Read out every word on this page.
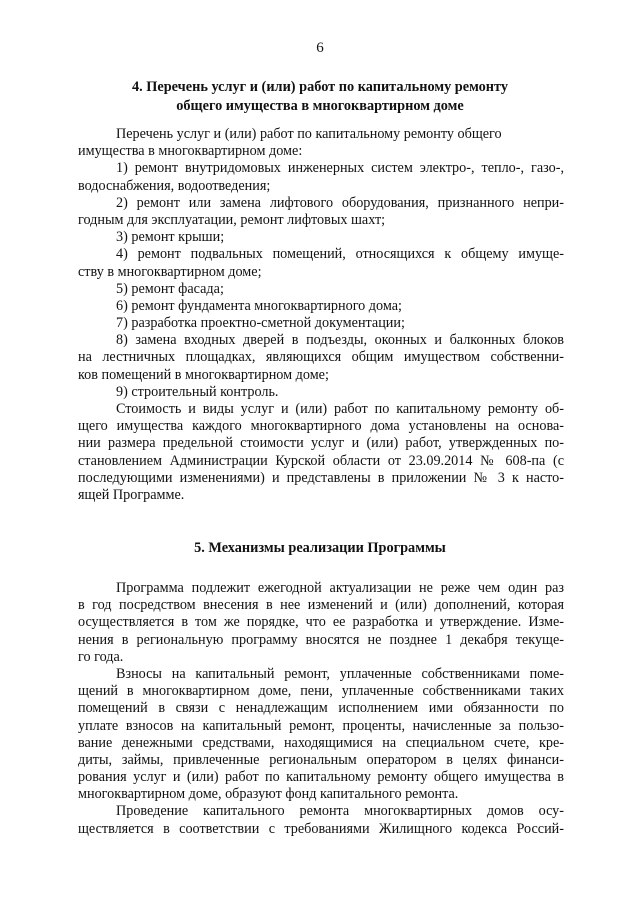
6
4. Перечень услуг и (или) работ по капитальному ремонту
общего имущества в многоквартирном доме
Перечень услуг и (или) работ по капитальному ремонту общего
имущества в многоквартирном доме:
1) ремонт внутридомовых инженерных систем электро-, тепло-, газо-,
водоснабжения, водоотведения;
2) ремонт или замена лифтового оборудования, признанного непри-
годным для эксплуатации, ремонт лифтовых шахт;
3) ремонт крыши;
4) ремонт подвальных помещений, относящихся к общему имуще-
ству в многоквартирном доме;
5) ремонт фасада;
6) ремонт фундамента многоквартирного дома;
7) разработка проектно-сметной документации;
8) замена входных дверей в подъезды, оконных и балконных блоков
на лестничных площадках, являющихся общим имуществом собственни-
ков помещений в многоквартирном доме;
9) строительный контроль.
Стоимость и виды услуг и (или) работ по капитальному ремонту об-
щего имущества каждого многоквартирного дома установлены на основа-
нии размера предельной стоимости услуг и (или) работ, утвержденных по-
становлением Администрации Курской области от 23.09.2014 № 608-па (с
последующими изменениями) и представлены в приложении № 3 к насто-
ящей Программе.
5. Механизмы реализации Программы
Программа подлежит ежегодной актуализации не реже чем один раз
в год посредством внесения в нее изменений и (или) дополнений, которая
осуществляется в том же порядке, что ее разработка и утверждение. Изме-
нения в региональную программу вносятся не позднее 1 декабря текуще-
го года.
Взносы на капитальный ремонт, уплаченные собственниками поме-
щений в многоквартирном доме, пени, уплаченные собственниками таких
помещений в связи с ненадлежащим исполнением ими обязанности по
уплате взносов на капитальный ремонт, проценты, начисленные за пользо-
вание денежными средствами, находящимися на специальном счете, кре-
диты, займы, привлеченные региональным оператором в целях финанси-
рования услуг и (или) работ по капитальному ремонту общего имущества в
многоквартирном доме, образуют фонд капитального ремонта.
Проведение капитального ремонта многоквартирных домов осу-
ществляется в соответствии с требованиями Жилищного кодекса Россий-
